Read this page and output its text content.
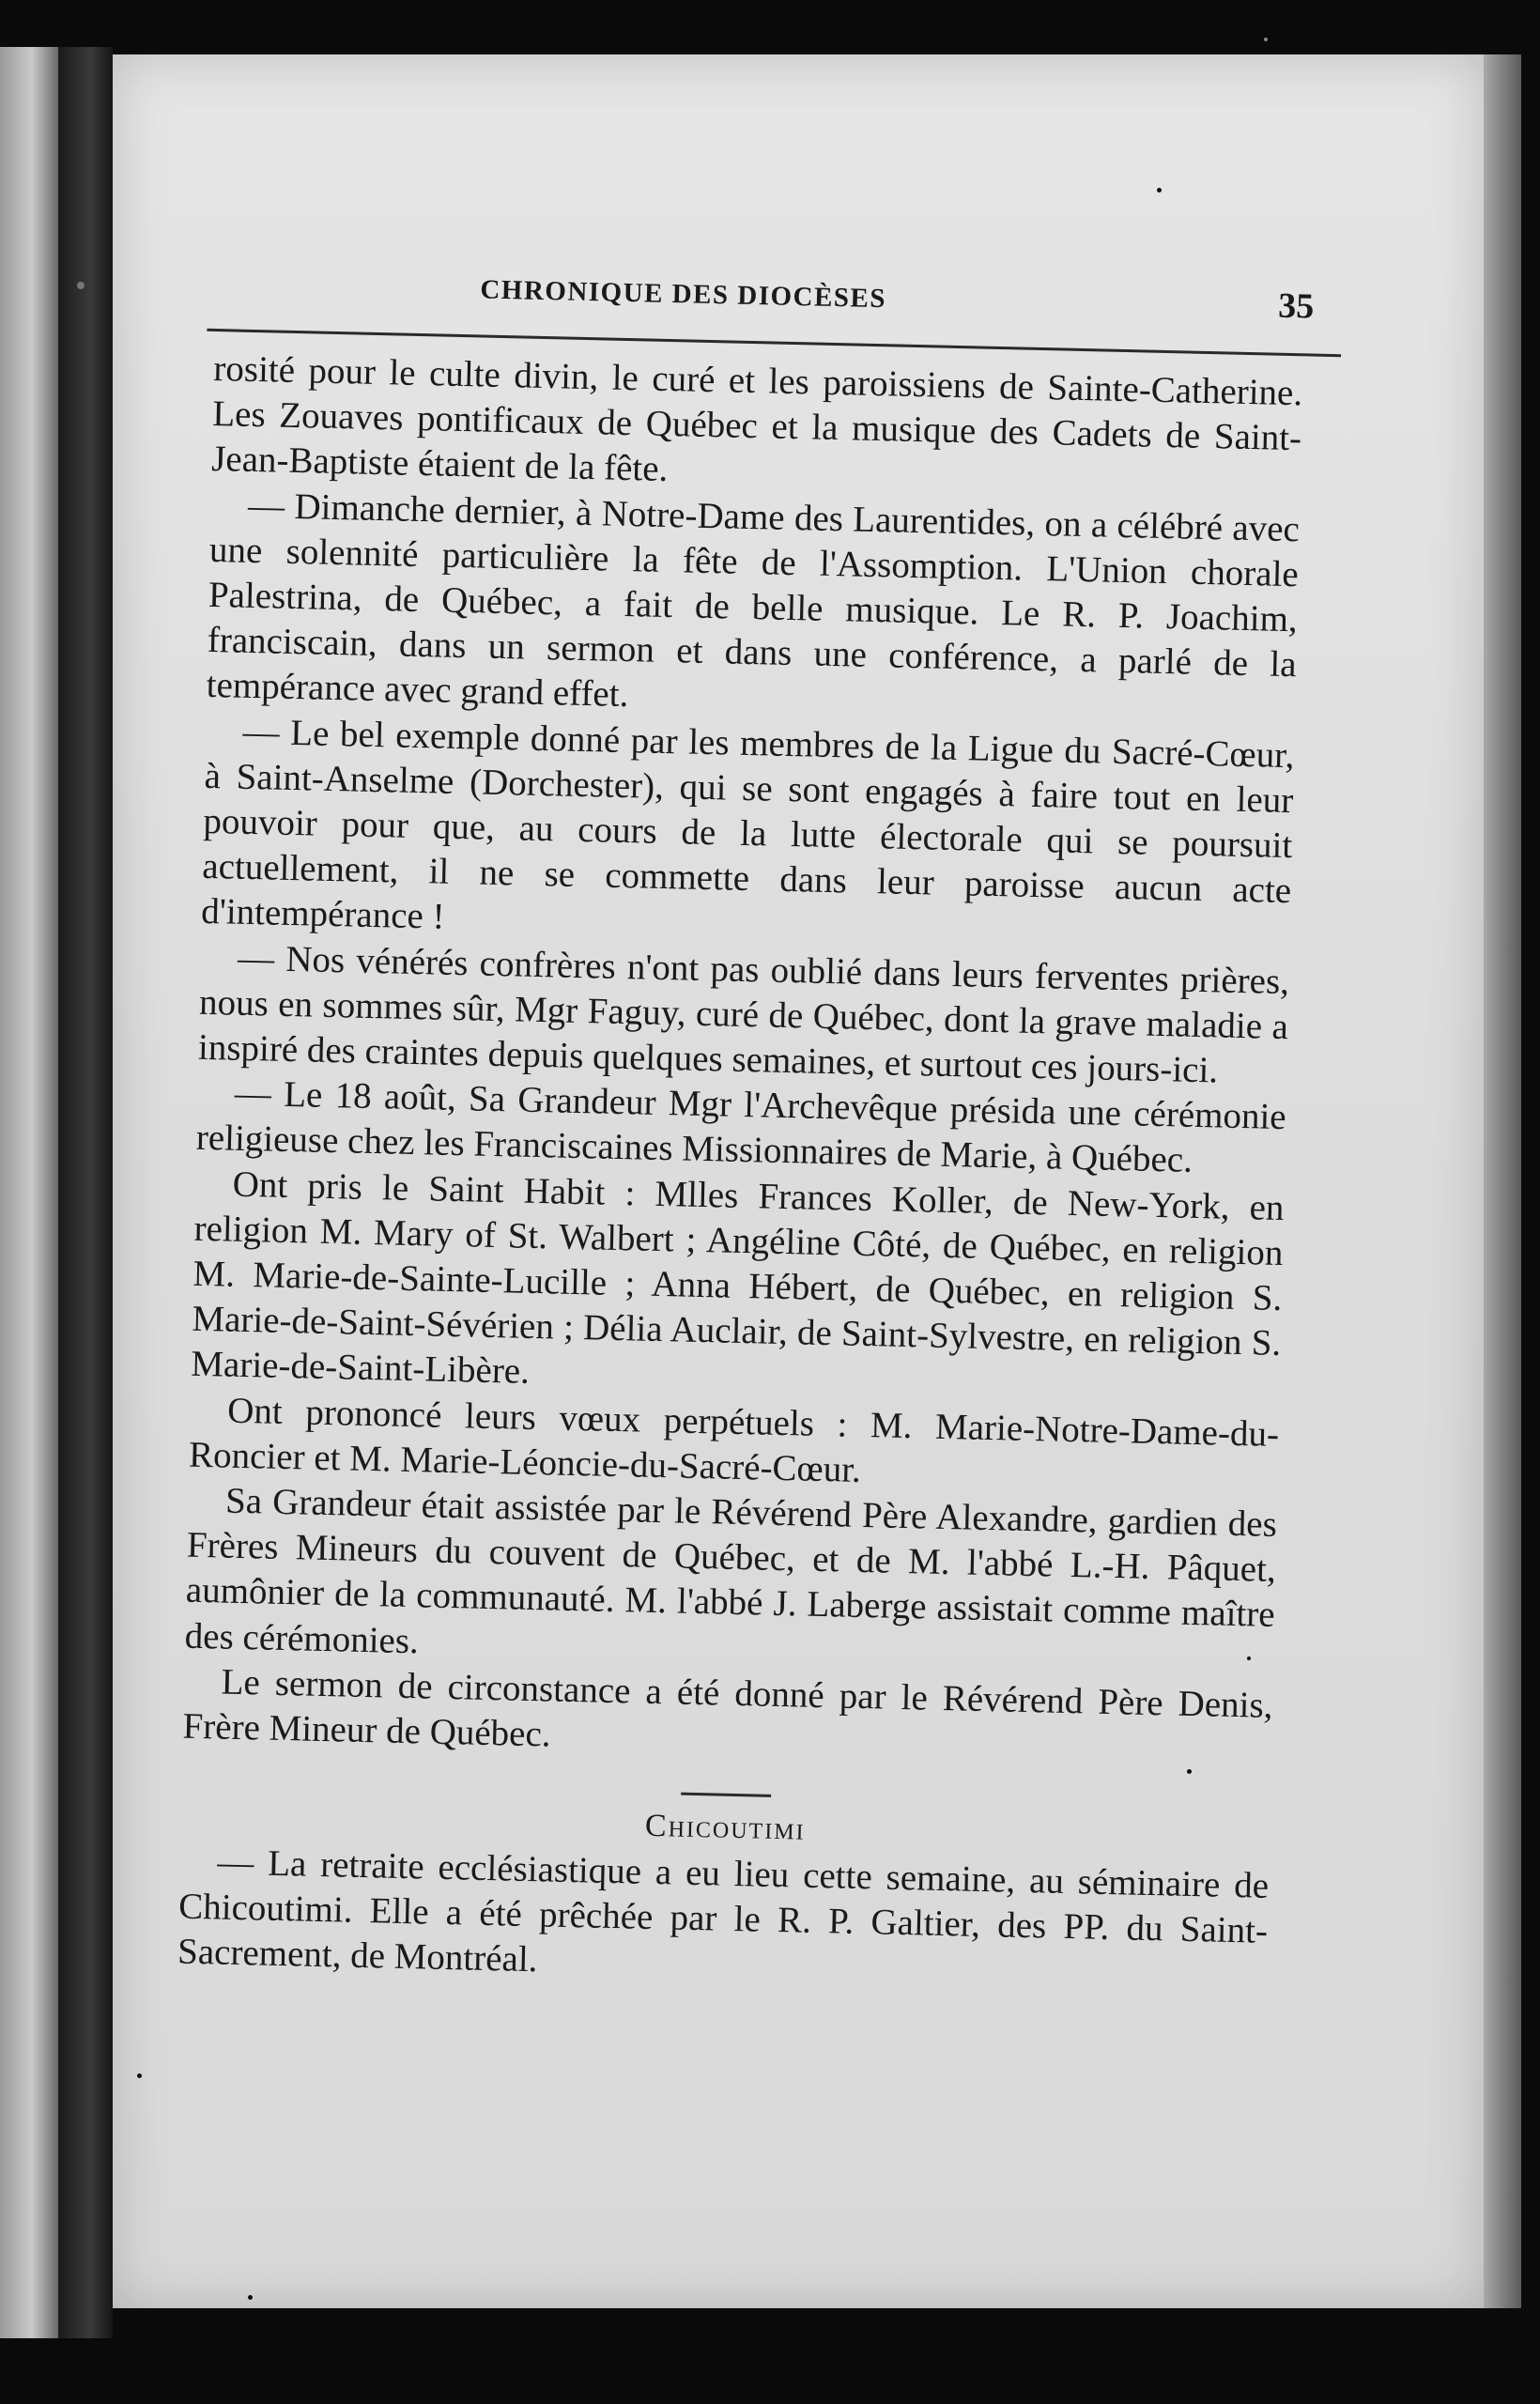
CHRONIQUE DES DIOCÈSES	35

rosité pour le culte divin, le curé et les paroissiens de Sainte-Catherine. Les Zouaves pontificaux de Québec et la musique des Cadets de Saint-Jean-Baptiste étaient de la fête.

— Dimanche dernier, à Notre-Dame des Laurentides, on a célébré avec une solennité particulière la fête de l'Assomption. L'Union chorale Palestrina, de Québec, a fait de belle musique. Le R. P. Joachim, franciscain, dans un sermon et dans une conférence, a parlé de la tempérance avec grand effet.

— Le bel exemple donné par les membres de la Ligue du Sacré-Cœur, à Saint-Anselme (Dorchester), qui se sont engagés à faire tout en leur pouvoir pour que, au cours de la lutte électorale qui se poursuit actuellement, il ne se commette dans leur paroisse aucun acte d'intempérance !

— Nos vénérés confrères n'ont pas oublié dans leurs ferventes prières, nous en sommes sûr, Mgr Faguy, curé de Québec, dont la grave maladie a inspiré des craintes depuis quelques semaines, et surtout ces jours-ici.

— Le 18 août, Sa Grandeur Mgr l'Archevêque présida une cérémonie religieuse chez les Franciscaines Missionnaires de Marie, à Québec.

Ont pris le Saint Habit : Mlles Frances Koller, de New-York, en religion M. Mary of St. Walbert ; Angéline Côté, de Québec, en religion M. Marie-de-Sainte-Lucille ; Anna Hébert, de Québec, en religion S. Marie-de-Saint-Sévérien ; Délia Auclair, de Saint-Sylvestre, en religion S. Marie-de-Saint-Libère.

Ont prononcé leurs vœux perpétuels : M. Marie-Notre-Dame-du-Roncier et M. Marie-Léoncie-du-Sacré-Cœur.

Sa Grandeur était assistée par le Révérend Père Alexandre, gardien des Frères Mineurs du couvent de Québec, et de M. l'abbé L.-H. Pâquet, aumônier de la communauté. M. l'abbé J. Laberge assistait comme maître des cérémonies.

Le sermon de circonstance a été donné par le Révérend Père Denis, Frère Mineur de Québec.

Chicoutimi

— La retraite ecclésiastique a eu lieu cette semaine, au séminaire de Chicoutimi. Elle a été prêchée par le R. P. Galtier, des PP. du Saint-Sacrement, de Montréal.
